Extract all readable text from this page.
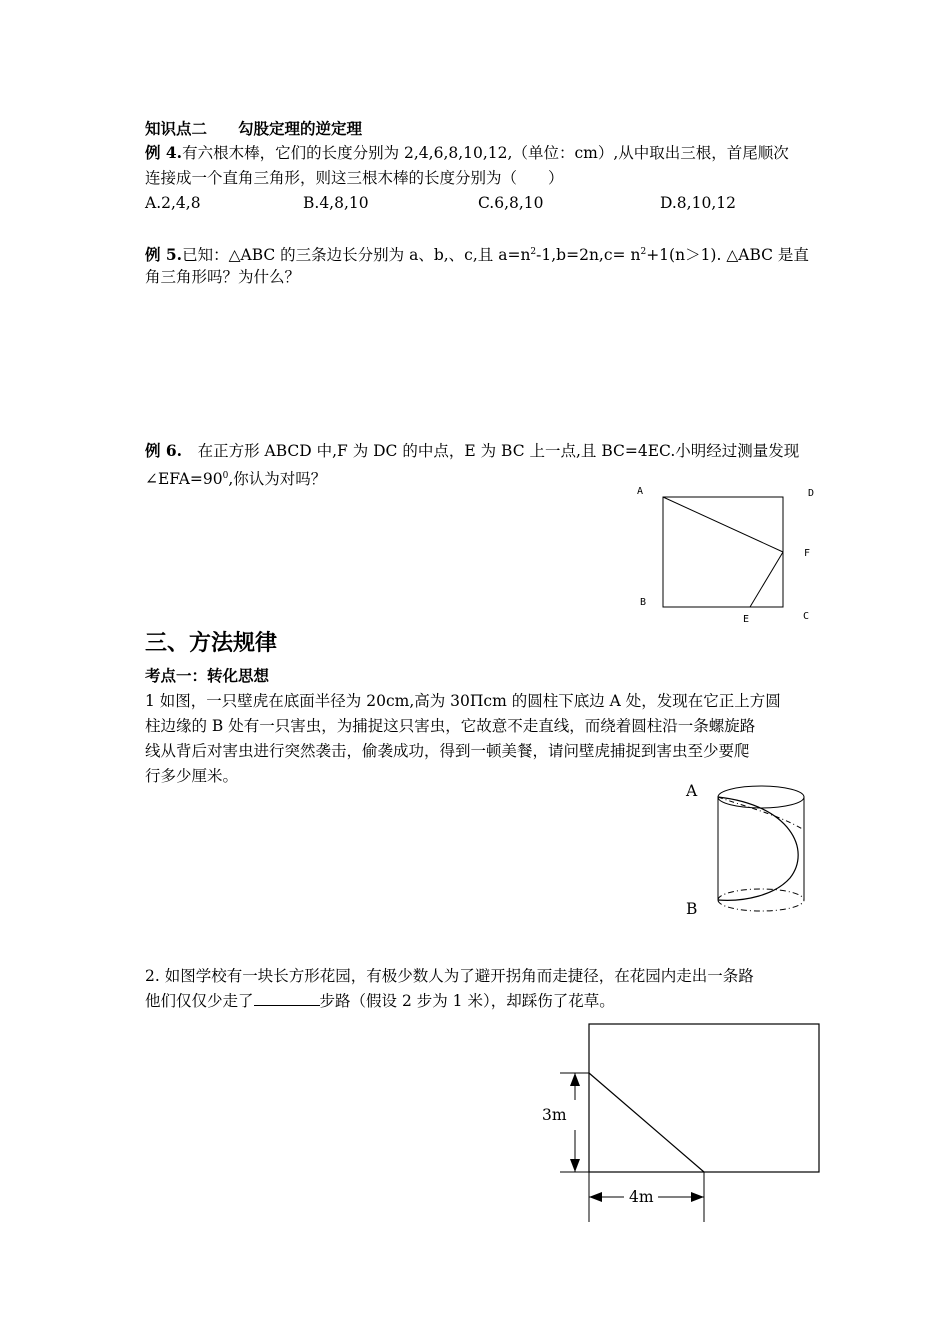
知识点二　　勾股定理的逆定理
例 4.有六根木棒，它们的长度分别为 2,4,6,8,10,12,（单位：cm）,从中取出三根，首尾顺次
连接成一个直角三角形，则这三根木棒的长度分别为（　　）
A.2,4,8	B.4,8,10	C.6,8,10	D.8,10,12
例 5.已知：△ABC 的三条边长分别为 a、b,、c,且 $a=n^2-1,b=2n,c= n^2+1(n>1)$. △ABC 是直
角三角形吗？为什么？
例 6.　在正方形 ABCD 中,F 为 DC 的中点，E 为 BC 上一点,且 BC=4EC.小明经过测量发现
$\angle EFA=90^0$,你认为对吗？
A	D
F
B
C
E
三、方法规律
考点一：转化思想
1 如图，一只壁虎在底面半径为 20cm,高为 30Пcm 的圆柱下底边 A 处，发现在它正上方圆
柱边缘的 B 处有一只害虫，为捕捉这只害虫，它故意不走直线，而绕着圆柱沿一条螺旋路
线从背后对害虫进行突然袭击，偷袭成功，得到一顿美餐，请问壁虎捕捉到害虫至少要爬
行多少厘米。
A
B
2. 如图学校有一块长方形花园，有极少数人为了避开拐角而走捷径，在花园内走出一条路
他们仅仅少走了	步路（假设 2 步为 1 米），却踩伤了花草。
3m
4m
